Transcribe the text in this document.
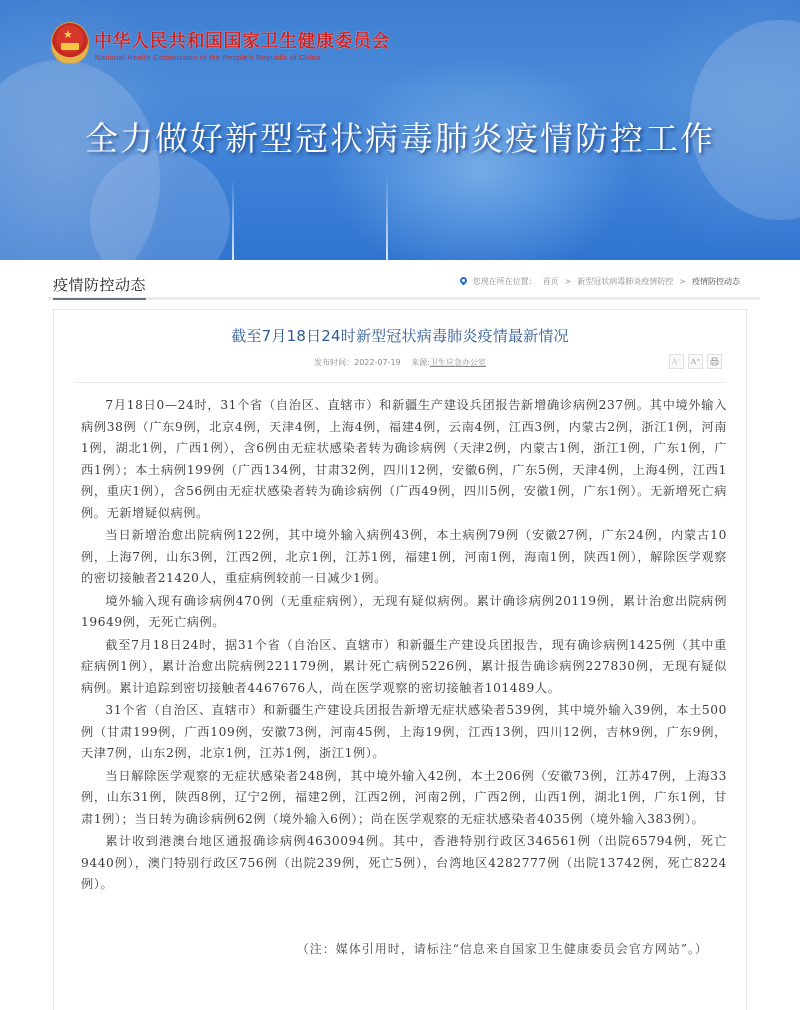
★ 中华人民共和国国家卫生健康委员会
National Health Commission of the People's Republic of China
全力做好新型冠状病毒肺炎疫情防控工作
疫情防控动态	您现在所在位置： 首页 > 新型冠状病毒肺炎疫情防控 > 疫情防控动态
截至7月18日24时新型冠状病毒肺炎疫情最新情况
发布时间：2022-07-19 来源:卫生应急办公室	A⁻	A⁺

7月18日0—24时，31个省（自治区、直辖市）和新疆生产建设兵团报告新增确诊病例237例。其中境外输入病例38例（广东9例，北京4例，天津4例，上海4例，福建4例，云南4例，江西3例，内蒙古2例，浙江1例，河南1例，湖北1例，广西1例），含6例由无症状感染者转为确诊病例（天津2例，内蒙古1例，浙江1例，广东1例，广西1例）；本土病例199例（广西134例，甘肃32例，四川12例，安徽6例，广东5例，天津4例，上海4例，江西1例，重庆1例），含56例由无症状感染者转为确诊病例（广西49例，四川5例，安徽1例，广东1例）。无新增死亡病例。无新增疑似病例。

当日新增治愈出院病例122例，其中境外输入病例43例，本土病例79例（安徽27例，广东24例，内蒙古10例，上海7例，山东3例，江西2例，北京1例，江苏1例，福建1例，河南1例，海南1例，陕西1例），解除医学观察的密切接触者21420人，重症病例较前一日减少1例。

境外输入现有确诊病例470例（无重症病例），无现有疑似病例。累计确诊病例20119例，累计治愈出院病例19649例，无死亡病例。

截至7月18日24时，据31个省（自治区、直辖市）和新疆生产建设兵团报告，现有确诊病例1425例（其中重症病例1例），累计治愈出院病例221179例，累计死亡病例5226例，累计报告确诊病例227830例，无现有疑似病例。累计追踪到密切接触者4467676人，尚在医学观察的密切接触者101489人。

31个省（自治区、直辖市）和新疆生产建设兵团报告新增无症状感染者539例，其中境外输入39例，本土500例（甘肃199例，广西109例，安徽73例，河南45例，上海19例，江西13例，四川12例，吉林9例，广东9例，天津7例，山东2例，北京1例，江苏1例，浙江1例）。

当日解除医学观察的无症状感染者248例，其中境外输入42例，本土206例（安徽73例，江苏47例，上海33例，山东31例，陕西8例，辽宁2例，福建2例，江西2例，河南2例，广西2例，山西1例，湖北1例，广东1例，甘肃1例）；当日转为确诊病例62例（境外输入6例）；尚在医学观察的无症状感染者4035例（境外输入383例）。

累计收到港澳台地区通报确诊病例4630094例。其中，香港特别行政区346561例（出院65794例，死亡9440例），澳门特别行政区756例（出院239例，死亡5例），台湾地区4282777例（出院13742例，死亡8224例）。

（注：媒体引用时，请标注“信息来自国家卫生健康委员会官方网站”。）
